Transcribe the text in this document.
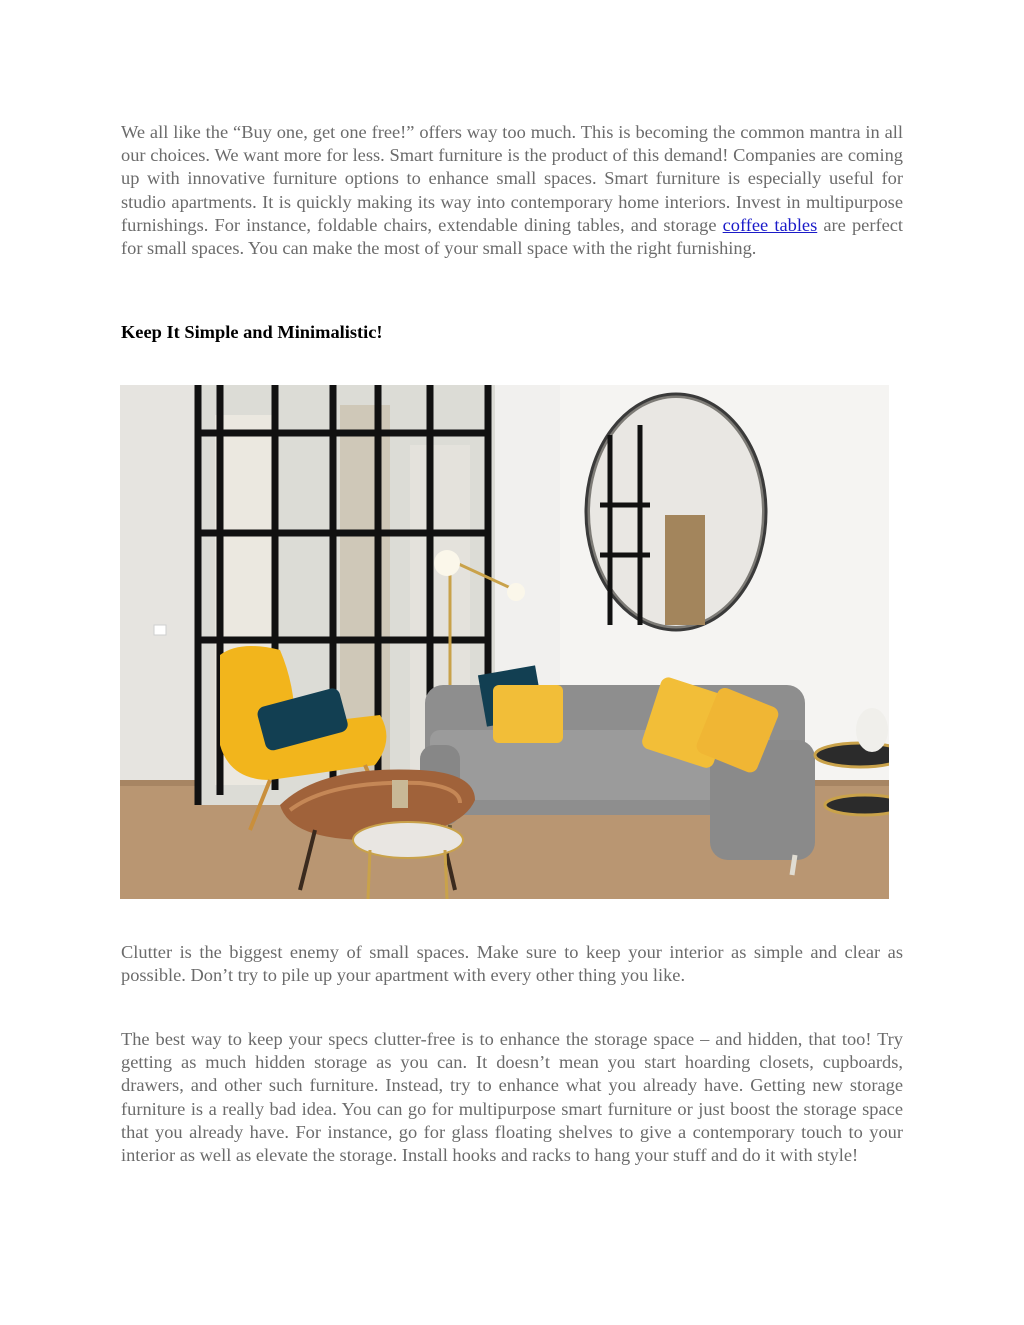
We all like the “Buy one, get one free!” offers way too much. This is becoming the common mantra in all our choices. We want more for less. Smart furniture is the product of this demand! Companies are coming up with innovative furniture options to enhance small spaces. Smart furniture is especially useful for studio apartments. It is quickly making its way into contemporary home interiors. Invest in multipurpose furnishings. For instance, foldable chairs, extendable dining tables, and storage coffee tables are perfect for small spaces. You can make the most of your small space with the right furnishing.

Keep It Simple and Minimalistic!

Clutter is the biggest enemy of small spaces. Make sure to keep your interior as simple and clear as possible. Don’t try to pile up your apartment with every other thing you like.

The best way to keep your specs clutter-free is to enhance the storage space – and hidden, that too! Try getting as much hidden storage as you can. It doesn’t mean you start hoarding closets, cupboards, drawers, and other such furniture. Instead, try to enhance what you already have. Getting new storage furniture is a really bad idea. You can go for multipurpose smart furniture or just boost the storage space that you already have. For instance, go for glass floating shelves to give a contemporary touch to your interior as well as elevate the storage. Install hooks and racks to hang your stuff and do it with style!
